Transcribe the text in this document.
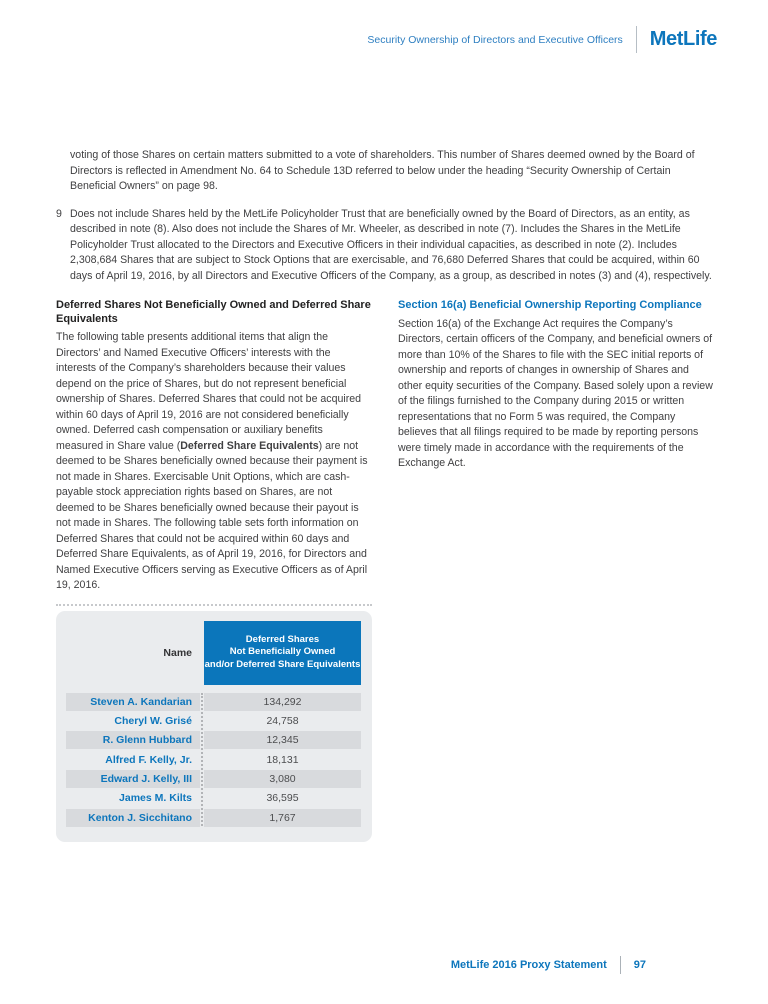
Security Ownership of Directors and Executive Officers MetLife

voting of those Shares on certain matters submitted to a vote of shareholders. This number of Shares deemed owned by the Board of Directors is reflected in Amendment No. 64 to Schedule 13D referred to below under the heading “Security Ownership of Certain Beneficial Owners” on page 98.

9 Does not include Shares held by the MetLife Policyholder Trust that are beneficially owned by the Board of Directors, as an entity, as described in note (8). Also does not include the Shares of Mr. Wheeler, as described in note (7). Includes the Shares in the MetLife Policyholder Trust allocated to the Directors and Executive Officers in their individual capacities, as described in note (2). Includes 2,308,684 Shares that are subject to Stock Options that are exercisable, and 76,680 Deferred Shares that could be acquired, within 60 days of April 19, 2016, by all Directors and Executive Officers of the Company, as a group, as described in notes (3) and (4), respectively.

Deferred Shares Not Beneficially Owned and Deferred Share Equivalents

The following table presents additional items that align the Directors’ and Named Executive Officers’ interests with the interests of the Company’s shareholders because their values depend on the price of Shares, but do not represent beneficial ownership of Shares. Deferred Shares that could not be acquired within 60 days of April 19, 2016 are not considered beneficially owned. Deferred cash compensation or auxiliary benefits measured in Share value (Deferred Share Equivalents) are not deemed to be Shares beneficially owned because their payment is not made in Shares. Exercisable Unit Options, which are cash-payable stock appreciation rights based on Shares, are not deemed to be Shares beneficially owned because their payout is not made in Shares. The following table sets forth information on Deferred Shares that could not be acquired within 60 days and Deferred Share Equivalents, as of April 19, 2016, for Directors and Named Executive Officers serving as Executive Officers as of April 19, 2016.

Name
Deferred Shares
Not Beneficially Owned
and/or Deferred Share Equivalents
Steven A. Kandarian	134,292
Cheryl W. Grisé	24,758
R. Glenn Hubbard	12,345
Alfred F. Kelly, Jr.	18,131
Edward J. Kelly, III	3,080
James M. Kilts	36,595
Kenton J. Sicchitano	1,767
Section 16(a) Beneficial Ownership Reporting Compliance

Section 16(a) of the Exchange Act requires the Company’s Directors, certain officers of the Company, and beneficial owners of more than 10% of the Shares to file with the SEC initial reports of ownership and reports of changes in ownership of Shares and other equity securities of the Company. Based solely upon a review of the filings furnished to the Company during 2015 or written representations that no Form 5 was required, the Company believes that all filings required to be made by reporting persons were timely made in accordance with the requirements of the Exchange Act.

MetLife 2016 Proxy Statement 97
